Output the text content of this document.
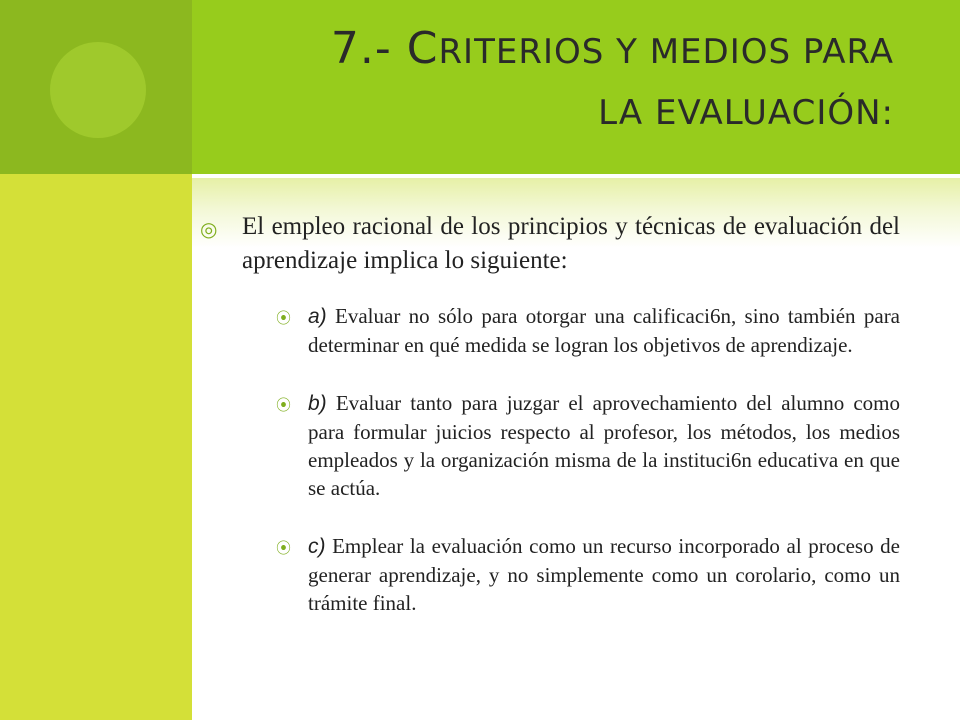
7.- CRITERIOS Y MEDIOS PARA
LA EVALUACIÓN:
◎ El empleo racional de los principios y técnicas de evaluación del aprendizaje implica lo siguiente:
⦿ a) Evaluar no sólo para otorgar una calificaci6n, sino también para determinar en qué medida se logran los objetivos de aprendizaje.
⦿ b) Evaluar tanto para juzgar el aprovechamiento del alumno como para formular juicios respecto al profesor, los métodos, los medios empleados y la organización misma de la instituci6n educativa en que se actúa.
⦿ c) Emplear la evaluación como un recurso incorporado al proceso de generar aprendizaje, y no simplemente como un corolario, como un trámite final.
